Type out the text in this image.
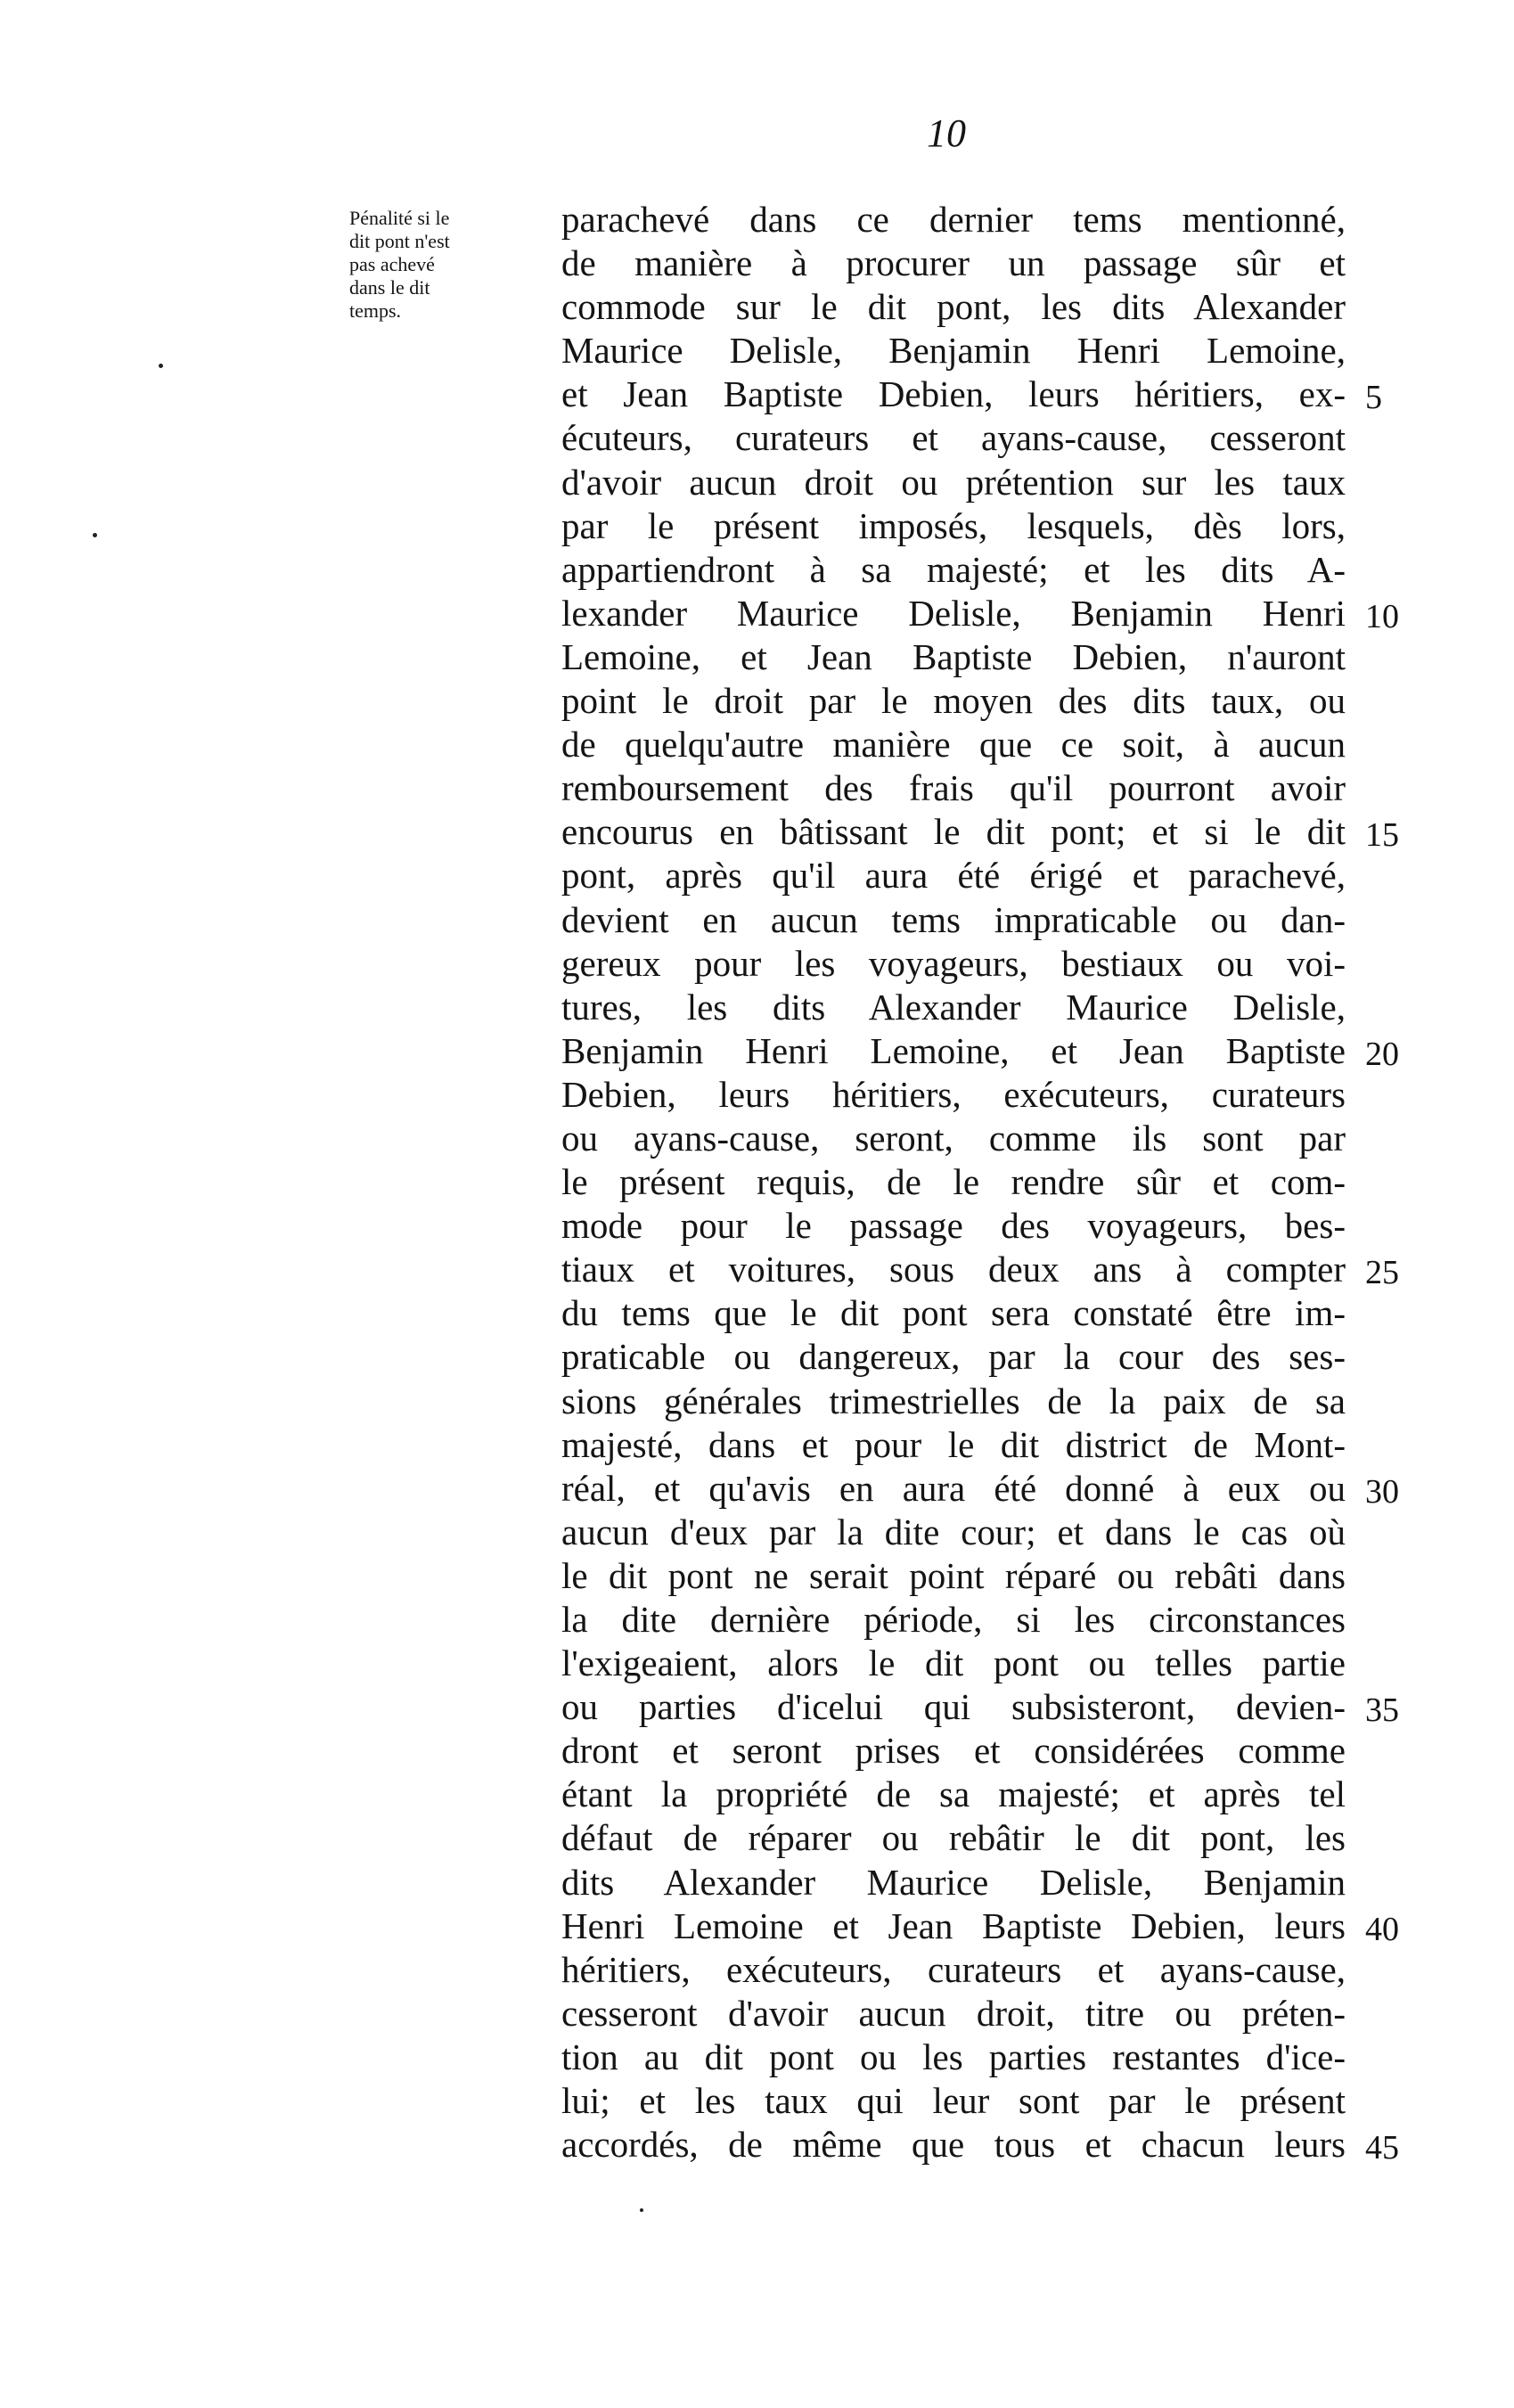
10
Pénalité si le
dit pont n'est
pas achevé
dans le dit
temps.
parachevé dans ce dernier tems mentionné,
de manière à procurer un passage sûr et
commode sur le dit pont, les dits Alexander
Maurice Delisle, Benjamin Henri Lemoine,
et Jean Baptiste Debien, leurs héritiers, ex- 5
écuteurs, curateurs et ayans-cause, cesseront
d'avoir aucun droit ou prétention sur les taux
par le présent imposés, lesquels, dès lors,
appartiendront à sa majesté; et les dits A-
lexander Maurice Delisle, Benjamin Henri 10
Lemoine, et Jean Baptiste Debien, n'auront
point le droit par le moyen des dits taux, ou
de quelqu'autre manière que ce soit, à aucun
remboursement des frais qu'il pourront avoir
encourus en bâtissant le dit pont; et si le dit 15
pont, après qu'il aura été érigé et parachevé,
devient en aucun tems impraticable ou dan-
gereux pour les voyageurs, bestiaux ou voi-
tures, les dits Alexander Maurice Delisle,
Benjamin Henri Lemoine, et Jean Baptiste 20
Debien, leurs héritiers, exécuteurs, curateurs
ou ayans-cause, seront, comme ils sont par
le présent requis, de le rendre sûr et com-
mode pour le passage des voyageurs, bes-
tiaux et voitures, sous deux ans à compter 25
du tems que le dit pont sera constaté être im-
praticable ou dangereux, par la cour des ses-
sions générales trimestrielles de la paix de sa
majesté, dans et pour le dit district de Mont-
réal, et qu'avis en aura été donné à eux ou 30
aucun d'eux par la dite cour; et dans le cas où
le dit pont ne serait point réparé ou rebâti dans
la dite dernière période, si les circonstances
l'exigeaient, alors le dit pont ou telles partie
ou parties d'icelui qui subsisteront, devien- 35
dront et seront prises et considérées comme
étant la propriété de sa majesté; et après tel
défaut de réparer ou rebâtir le dit pont, les
dits Alexander Maurice Delisle, Benjamin
Henri Lemoine et Jean Baptiste Debien, leurs 40
héritiers, exécuteurs, curateurs et ayans-cause,
cesseront d'avoir aucun droit, titre ou préten-
tion au dit pont ou les parties restantes d'ice-
lui; et les taux qui leur sont par le présent
accordés, de même que tous et chacun leurs 45
